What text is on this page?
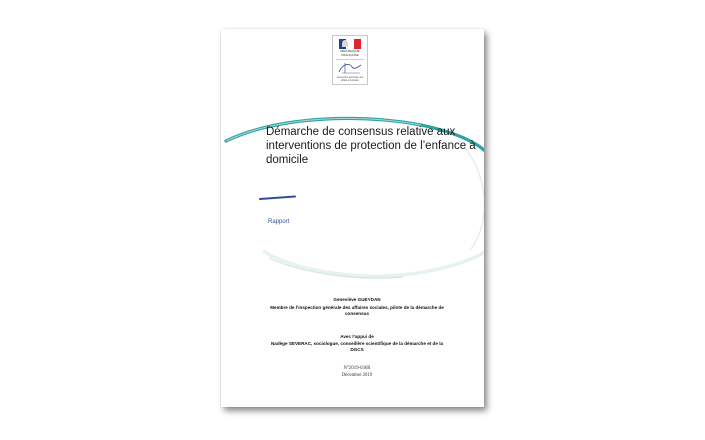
RÉPUBLIQUE
FRANÇAISE
Inspection générale des affaires sociales
Démarche de consensus relative aux interventions de protection de l’enfance à domicile
Rapport
Geneviève GUEYDAN
Membre de l’inspection générale des affaires sociales, pilote de la démarche de consensus
Avec l’appui de
Nadège SEVERAC, sociologue, conseillère scientifique de la démarche et de la DGCS
N°2019-036R
Décembre 2019
